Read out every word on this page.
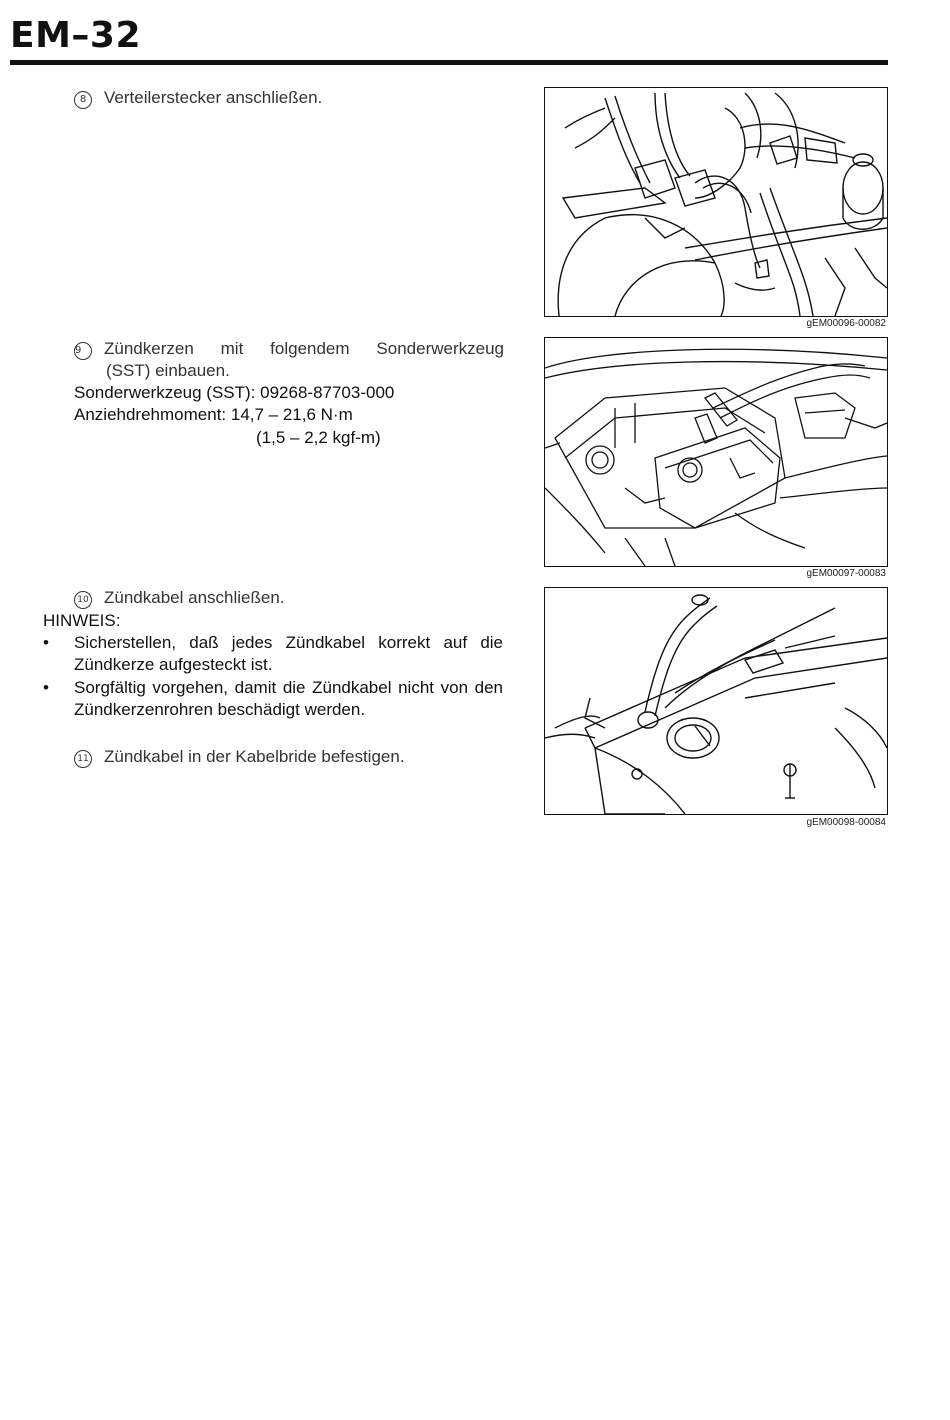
EM–32
8 Verteilerstecker anschließen.
9 Zündkerzen mit folgendem Sonderwerkzeug
(SST) einbauen.
Sonderwerkzeug (SST): 09268-87703-000
Anziehdrehmoment: 14,7 – 21,6 N·m
(1,5 – 2,2 kgf-m)
10 Zündkabel anschließen.
HINWEIS:
• Sicherstellen, daß jedes Zündkabel korrekt auf die Zündkerze aufgesteckt ist.
• Sorgfältig vorgehen, damit die Zündkabel nicht von den Zündkerzenrohren beschädigt werden.
11 Zündkabel in der Kabelbride befestigen.
gEM00096-00082
gEM00097-00083
gEM00098-00084
